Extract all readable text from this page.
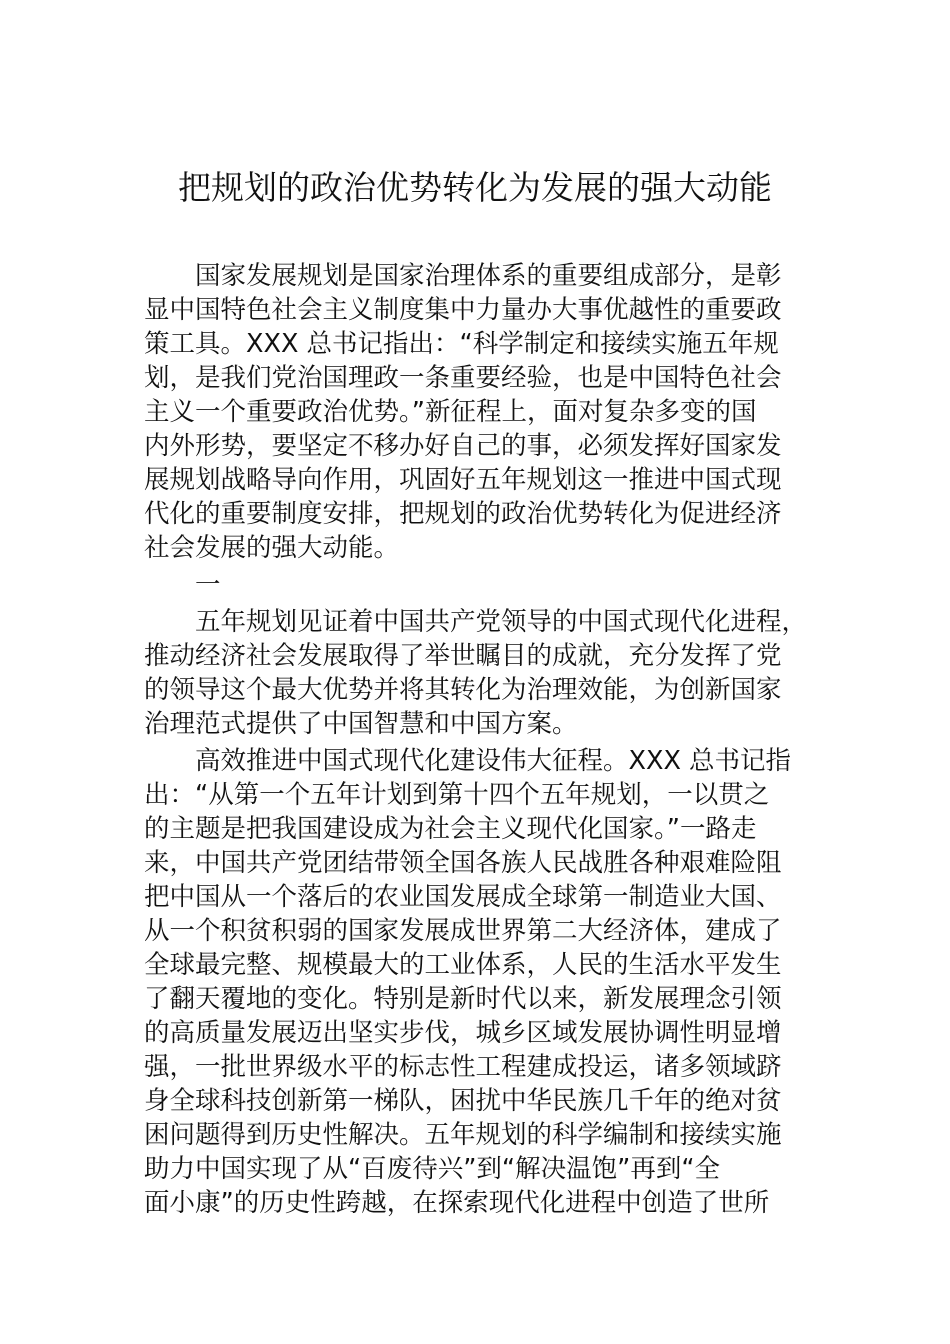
把规划的政治优势转化为发展的强大动能
　　国家发展规划是国家治理体系的重要组成部分，是彰
显中国特色社会主义制度集中力量办大事优越性的重要政
策工具。XXX 总书记指出：“科学制定和接续实施五年规
划，是我们党治国理政一条重要经验，也是中国特色社会
主义一个重要政治优势。”新征程上，面对复杂多变的国
内外形势，要坚定不移办好自己的事，必须发挥好国家发
展规划战略导向作用，巩固好五年规划这一推进中国式现
代化的重要制度安排，把规划的政治优势转化为促进经济
社会发展的强大动能。
　　一
　　五年规划见证着中国共产党领导的中国式现代化进程，
推动经济社会发展取得了举世瞩目的成就，充分发挥了党
的领导这个最大优势并将其转化为治理效能，为创新国家
治理范式提供了中国智慧和中国方案。
　　高效推进中国式现代化建设伟大征程。XXX 总书记指
出：“从第一个五年计划到第十四个五年规划，一以贯之
的主题是把我国建设成为社会主义现代化国家。”一路走
来，中国共产党团结带领全国各族人民战胜各种艰难险阻
把中国从一个落后的农业国发展成全球第一制造业大国、
从一个积贫积弱的国家发展成世界第二大经济体，建成了
全球最完整、规模最大的工业体系，人民的生活水平发生
了翻天覆地的变化。特别是新时代以来，新发展理念引领
的高质量发展迈出坚实步伐，城乡区域发展协调性明显增
强，一批世界级水平的标志性工程建成投运，诸多领域跻
身全球科技创新第一梯队，困扰中华民族几千年的绝对贫
困问题得到历史性解决。五年规划的科学编制和接续实施
助力中国实现了从“百废待兴”到“解决温饱”再到“全
面小康”的历史性跨越，在探索现代化进程中创造了世所
